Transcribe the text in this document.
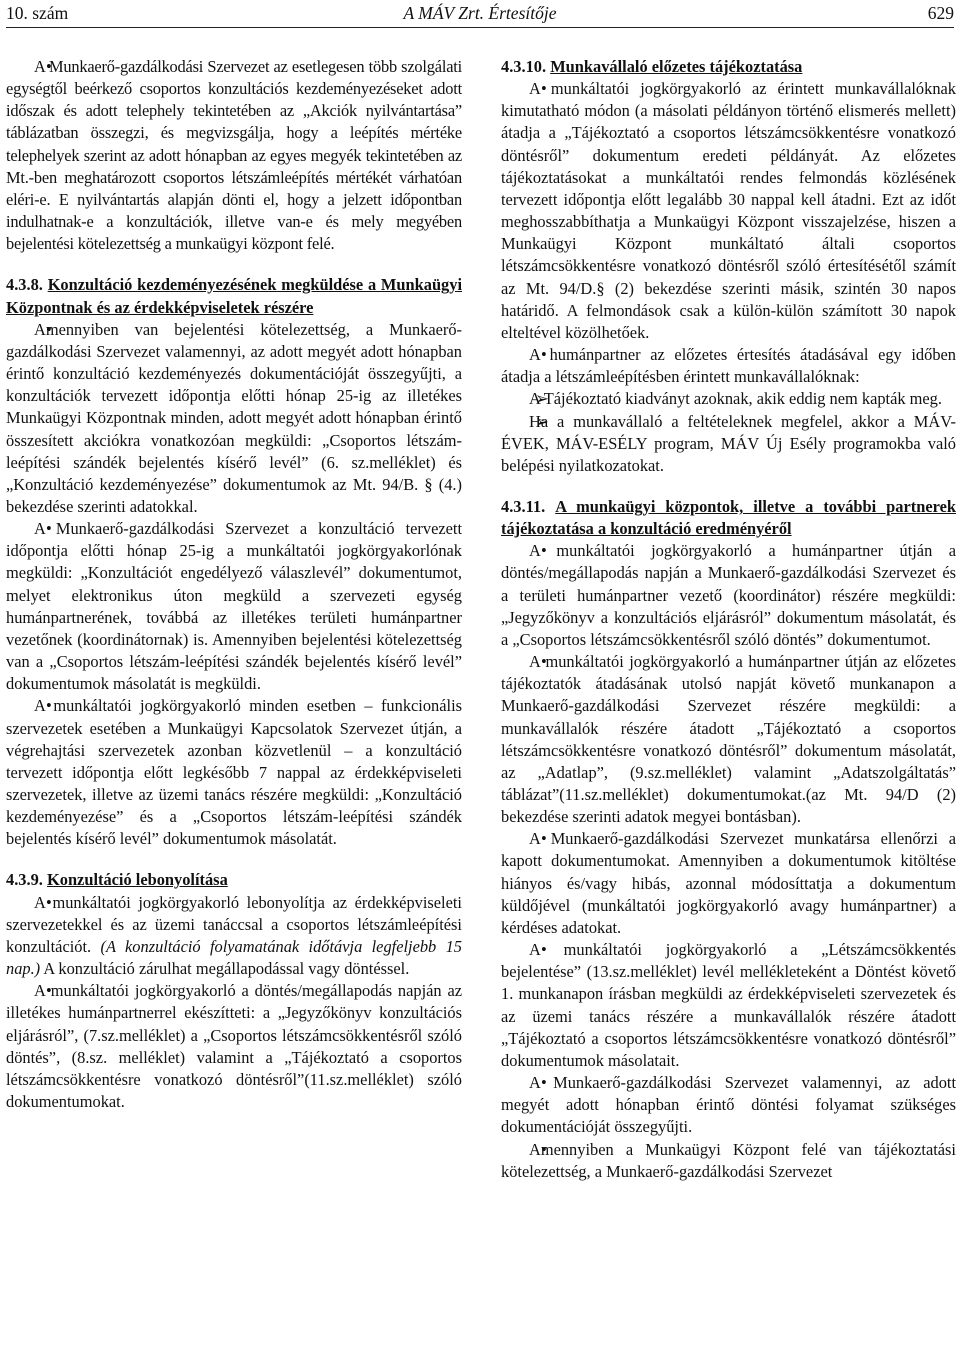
10. szám	A MÁV Zrt. Értesítője	629

• A Munkaerő-gazdálkodási Szervezet az esetlegesen több szolgálati egységtől beérkező csoportos konzultációs kezdeményezéseket adott időszak és adott telephely tekintetében az „Akciók nyilvántartása” táblázatban összegzi, és megvizsgálja, hogy a leépítés mértéke telephelyek szerint az adott hónapban az egyes megyék tekintetében az Mt.-ben meghatározott csoportos létszámleépítés mértékét várhatóan eléri-e. E nyilvántartás alapján dönti el, hogy a jelzett időpontban indulhatnak-e a konzultációk, illetve van-e és mely megyében bejelentési kötelezettség a munkaügyi központ felé.

4.3.8. Konzultáció kezdeményezésének megküldése a Munkaügyi Központnak és az érdekképviseletek részére

• Amennyiben van bejelentési kötelezettség, a Munkaerő-gazdálkodási Szervezet valamennyi, az adott megyét adott hónapban érintő konzultáció kezdeményezés dokumentációját összegyűjti, a konzultációk tervezett időpontja előtti hónap 25-ig az illetékes Munkaügyi Központnak minden, adott megyét adott hónapban érintő összesített akciókra vonatkozóan megküldi: „Csoportos létszám-leépítési szándék bejelentés kísérő levél” (6. sz.melléklet) és „Konzultáció kezdeményezése” dokumentumok az Mt. 94/B. § (4.) bekezdése szerinti adatokkal.

• A Munkaerő-gazdálkodási Szervezet a konzultáció tervezett időpontja előtti hónap 25-ig a munkáltatói jogkörgyakorlónak megküldi: „Konzultációt engedélyező válaszlevél” dokumentumot, melyet elektronikus úton megküld a szervezeti egység humánpartnerének, továbbá az illetékes területi humánpartner vezetőnek (koordinátornak) is. Amennyiben bejelentési kötelezettség van a „Csoportos létszám-leépítési szándék bejelentés kísérő levél” dokumentumok másolatát is megküldi.

• A munkáltatói jogkörgyakorló minden esetben – funkcionális szervezetek esetében a Munkaügyi Kapcsolatok Szervezet útján, a végrehajtási szervezetek azonban közvetlenül – a konzultáció tervezett időpontja előtt legkésőbb 7 nappal az érdekképviseleti szervezetek, illetve az üzemi tanács részére megküldi: „Konzultáció kezdeményezése” és a „Csoportos létszám-leépítési szándék bejelentés kísérő levél” dokumentumok másolatát.

4.3.9. Konzultáció lebonyolítása

• A munkáltatói jogkörgyakorló lebonyolítja az érdekképviseleti szervezetekkel és az üzemi tanáccsal a csoportos létszámleépítési konzultációt. (A konzultáció folyamatának időtávja legfeljebb 15 nap.) A konzultáció zárulhat megállapodással vagy döntéssel.

• A munkáltatói jogkörgyakorló a döntés/megállapodás napján az illetékes humánpartnerrel ekészítteti: a „Jegyzőkönyv konzultációs eljárásról”, (7.sz.melléklet) a „Csoportos létszámcsökkentésről szóló döntés”, (8.sz. melléklet) valamint a „Tájékoztató a csoportos létszámcsökkentésre vonatkozó döntésről”(11.sz.melléklet) szóló dokumentumokat.

4.3.10. Munkavállaló előzetes tájékoztatása

• A munkáltatói jogkörgyakorló az érintett munkavállalóknak kimutatható módon (a másolati példányon történő elismerés mellett) átadja a „Tájékoztató a csoportos létszámcsökkentésre vonatkozó döntésről” dokumentum eredeti példányát. Az előzetes tájékoztatásokat a munkáltatói rendes felmondás közlésének tervezett időpontja előtt legalább 30 nappal kell átadni. Ezt az időt meghosszabbíthatja a Munkaügyi Központ visszajelzése, hiszen a Munkaügyi Központ munkáltató általi csoportos létszámcsökkentésre vonatkozó döntésről szóló értesítésétől számít az Mt. 94/D.§ (2) bekezdése szerinti másik, szintén 30 napos határidő. A felmondások csak a külön-külön számított 30 napok elteltével közölhetőek.

• A humánpartner az előzetes értesítés átadásával egy időben átadja a létszámleépítésben érintett munkavállalóknak:

➢ A Tájékoztató kiadványt azoknak, akik eddig nem kapták meg.

➢ Ha a munkavállaló a feltételeknek megfelel, akkor a MÁV-ÉVEK, MÁV-ESÉLY program, MÁV Új Esély programokba való belépési nyilatkozatokat.

4.3.11. A munkaügyi központok, illetve a további partnerek tájékoztatása a konzultáció eredményéről

• A munkáltatói jogkörgyakorló a humánpartner útján a döntés/megállapodás napján a Munkaerő-gazdálkodási Szervezet és a területi humánpartner vezető (koordinátor) részére megküldi: „Jegyzőkönyv a konzultációs eljárásról” dokumentum másolatát, és a „Csoportos létszámcsökkentésről szóló döntés” dokumentumot.

• A munkáltatói jogkörgyakorló a humánpartner útján az előzetes tájékoztatók átadásának utolsó napját követő munkanapon a Munkaerő-gazdálkodási Szervezet részére megküldi: a munkavállalók részére átadott „Tájékoztató a csoportos létszámcsökkentésre vonatkozó döntésről” dokumentum másolatát, az „Adatlap”, (9.sz.melléklet) valamint „Adatszolgáltatás” táblázat”(11.sz.melléklet) dokumentumokat.(az Mt. 94/D (2) bekezdése szerinti adatok megyei bontásban).

• A Munkaerő-gazdálkodási Szervezet munkatársa ellenőrzi a kapott dokumentumokat. Amennyiben a dokumentumok kitöltése hiányos és/vagy hibás, azonnal módosíttatja a dokumentum küldőjével (munkáltatói jogkörgyakorló avagy humánpartner) a kérdéses adatokat.

• A munkáltatói jogkörgyakorló a „Létszámcsökkentés bejelentése” (13.sz.melléklet) levél mellékleteként a Döntést követő 1. munkanapon írásban megküldi az érdekképviseleti szervezetek és az üzemi tanács részére a munkavállalók részére átadott „Tájékoztató a csoportos létszámcsökkentésre vonatkozó döntésről” dokumentumok másolatait.

• A Munkaerő-gazdálkodási Szervezet valamennyi, az adott megyét adott hónapban érintő döntési folyamat szükséges dokumentációját összegyűjti.

• Amennyiben a Munkaügyi Központ felé van tájékoztatási kötelezettség, a Munkaerő-gazdálkodási Szervezet
